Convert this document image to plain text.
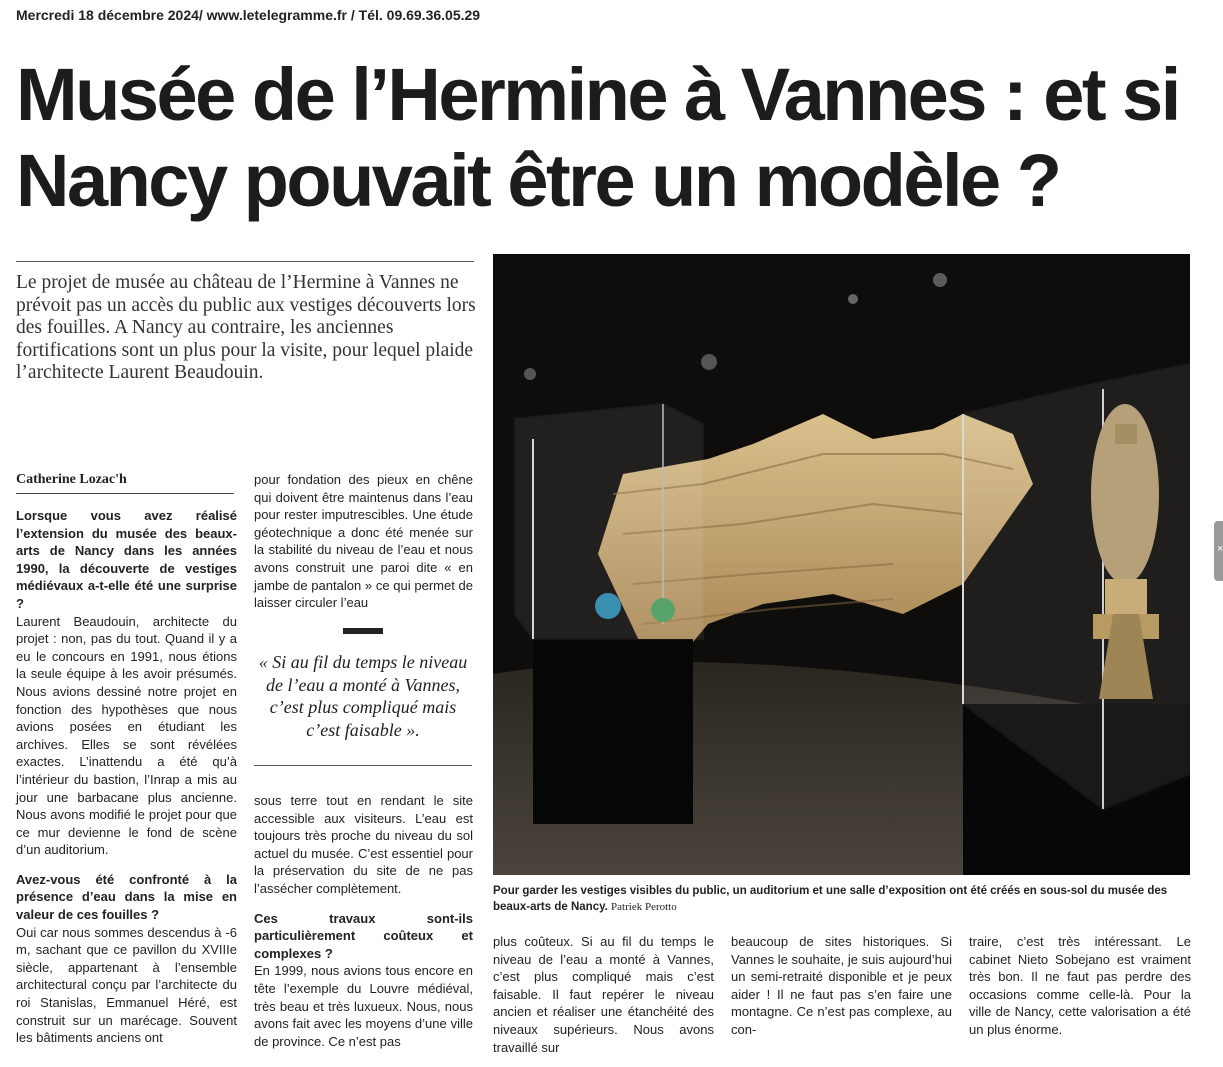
Mercredi 18 décembre 2024/ www.letelegramme.fr / Tél. 09.69.36.05.29
Musée de l’Hermine à Vannes : et si Nancy pouvait être un modèle ?
Le projet de musée au château de l’Hermine à Vannes ne prévoit pas un accès du public aux vestiges découverts lors des fouilles. A Nancy au contraire, les anciennes fortifications sont un plus pour la visite, pour lequel plaide l’architecte Laurent Beaudouin.
Catherine Lozac'h

Lorsque vous avez réalisé l’extension du musée des beaux-arts de Nancy dans les années 1990, la découverte de vestiges médiévaux a-t-elle été une surprise ?

Laurent Beaudouin, architecte du projet : non, pas du tout. Quand il y a eu le concours en 1991, nous étions la seule équipe à les avoir présumés. Nous avions dessiné notre projet en fonction des hypothèses que nous avions posées en étudiant les archives. Elles se sont révélées exactes. L’inattendu a été qu’à l’intérieur du bastion, l’Inrap a mis au jour une barbacane plus ancienne. Nous avons modifié le projet pour que ce mur devienne le fond de scène d’un auditorium.

Avez-vous été confronté à la présence d’eau dans la mise en valeur de ces fouilles ?

Oui car nous sommes descendus à -6 m, sachant que ce pavillon du XVIIIe siècle, appartenant à l’ensemble architectural conçu par l’architecte du roi Stanislas, Emmanuel Héré, est construit sur un marécage. Souvent les bâtiments anciens ont

pour fondation des pieux en chêne qui doivent être maintenus dans l’eau pour rester imputrescibles. Une étude géotechnique a donc été menée sur la stabilité du niveau de l’eau et nous avons construit une paroi dite « en jambe de pantalon » ce qui permet de laisser circuler l’eau

« Si au fil du temps le niveau de l’eau a monté à Vannes, c’est plus compliqué mais c’est faisable ».

sous terre tout en rendant le site accessible aux visiteurs. L’eau est toujours très proche du niveau du sol actuel du musée. C’est essentiel pour la préservation du site de ne pas l’assécher complètement.

Ces travaux sont-ils particulièrement coûteux et complexes ?

En 1999, nous avions tous encore en tête l’exemple du Louvre médiéval, très beau et très luxueux. Nous, nous avons fait avec les moyens d’une ville de province. Ce n’est pas

Pour garder les vestiges visibles du public, un auditorium et une salle d’exposition ont été créés en sous-sol du musée des beaux-arts de Nancy. Patriek Perotto

plus coûteux. Si au fil du temps le niveau de l’eau a monté à Vannes, c’est plus compliqué mais c’est faisable. Il faut repérer le niveau ancien et réaliser une étanchéité des niveaux supérieurs. Nous avons travaillé sur

beaucoup de sites historiques. Si Vannes le souhaite, je suis aujourd’hui un semi-retraité disponible et je peux aider ! Il ne faut pas s’en faire une montagne. Ce n’est pas complexe, au con-

traire, c’est très intéressant. Le cabinet Nieto Sobejano est vraiment très bon. Il ne faut pas perdre des occasions comme celle-là. Pour la ville de Nancy, cette valorisation a été un plus énorme.

×
